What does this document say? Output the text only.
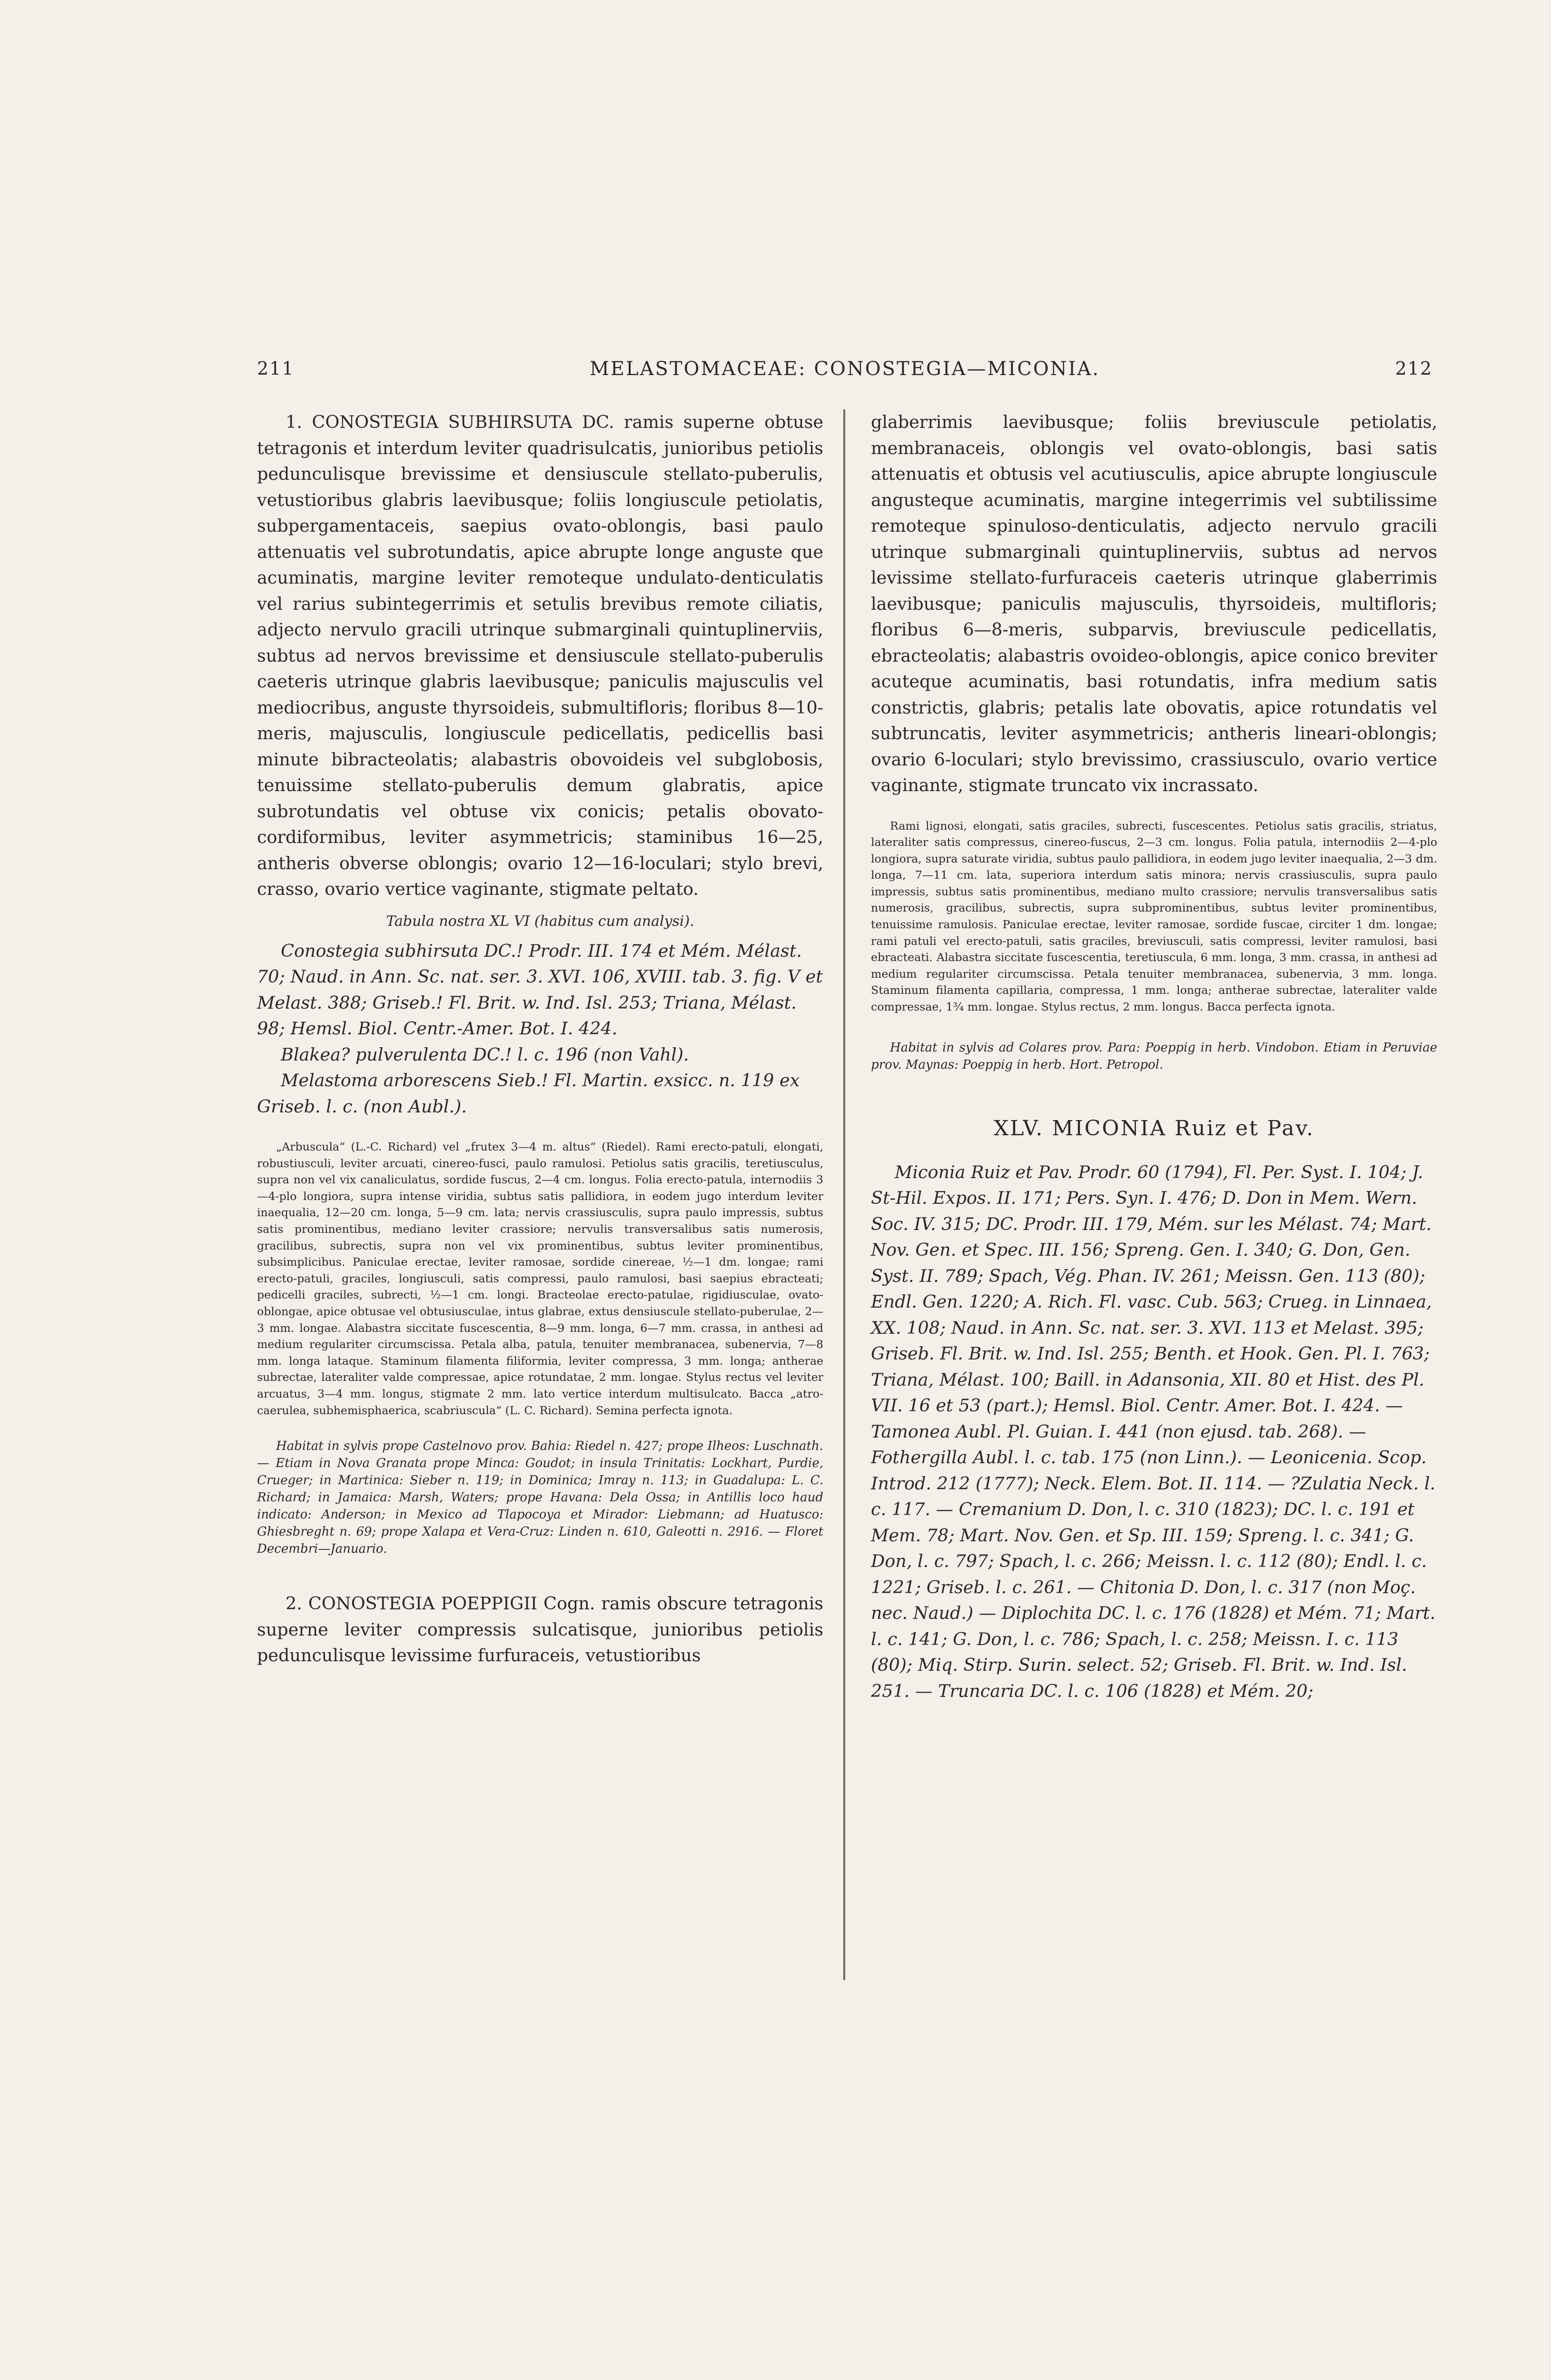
211	MELASTOMACEAE: CONOSTEGIA—MICONIA.	212

1. CONOSTEGIA SUBHIRSUTA DC. ramis superne obtuse tetragonis et interdum leviter quadrisulcatis, junioribus petiolis pedunculisque brevissime et densiuscule stellato-puberulis, vetustioribus glabris laevibusque; foliis longiuscule petiolatis, subpergamentaceis, saepius ovato-oblongis, basi paulo attenuatis vel subrotundatis, apice abrupte longe anguste que acuminatis, margine leviter remoteque undulato-denticulatis vel rarius subintegerrimis et setulis brevibus remote ciliatis, adjecto nervulo gracili utrinque submarginali quintuplinerviis, subtus ad nervos brevissime et densiuscule stellato-puberulis caeteris utrinque glabris laevibusque; paniculis majusculis vel mediocribus, anguste thyrsoideis, submultifloris; floribus 8—10-meris, majusculis, longiuscule pedicellatis, pedicellis basi minute bibracteolatis; alabastris obovoideis vel subglobosis, tenuissime stellato-puberulis demum glabratis, apice subrotundatis vel obtuse vix conicis; petalis obovato-cordiformibus, leviter asymmetricis; staminibus 16—25, antheris obverse oblongis; ovario 12—16-loculari; stylo brevi, crasso, ovario vertice vaginante, stigmate peltato.

Tabula nostra XL VI (habitus cum analysi).

Conostegia subhirsuta DC.! Prodr. III. 174 et Mém. Mélast. 70; Naud. in Ann. Sc. nat. ser. 3. XVI. 106, XVIII. tab. 3. fig. V et Melast. 388; Griseb.! Fl. Brit. w. Ind. Isl. 253; Triana, Mélast. 98; Hemsl. Biol. Centr.-Amer. Bot. I. 424.

Blakea? pulverulenta DC.! l. c. 196 (non Vahl).

Melastoma arborescens Sieb.! Fl. Martin. exsicc. n. 119 ex Griseb. l. c. (non Aubl.).

„Arbuscula“ (L.-C. Richard) vel „frutex 3—4 m. altus“ (Riedel). Rami erecto-patuli, elongati, robustiusculi, leviter arcuati, cinereo-fusci, paulo ramulosi. Petiolus satis gracilis, teretiusculus, supra non vel vix canaliculatus, sordide fuscus, 2—4 cm. longus. Folia erecto-patula, internodiis 3—4-plo longiora, supra intense viridia, subtus satis pallidiora, in eodem jugo interdum leviter inaequalia, 12—20 cm. longa, 5—9 cm. lata; nervis crassiusculis, supra paulo impressis, subtus satis prominentibus, mediano leviter crassiore; nervulis transversalibus satis numerosis, gracilibus, subrectis, supra non vel vix prominentibus, subtus leviter prominentibus, subsimplicibus. Paniculae erectae, leviter ramosae, sordide cinereae, ½—1 dm. longae; rami erecto-patuli, graciles, longiusculi, satis compressi, paulo ramulosi, basi saepius ebracteati; pedicelli graciles, subrecti, ½—1 cm. longi. Bracteolae erecto-patulae, rigidiusculae, ovato-oblongae, apice obtusae vel obtusiusculae, intus glabrae, extus densiuscule stellato-puberulae, 2—3 mm. longae. Alabastra siccitate fuscescentia, 8—9 mm. longa, 6—7 mm. crassa, in anthesi ad medium regulariter circumscissa. Petala alba, patula, tenuiter membranacea, subenervia, 7—8 mm. longa lataque. Staminum filamenta filiformia, leviter compressa, 3 mm. longa; antherae subrectae, lateraliter valde compressae, apice rotundatae, 2 mm. longae. Stylus rectus vel leviter arcuatus, 3—4 mm. longus, stigmate 2 mm. lato vertice interdum multisulcato. Bacca „atro-caerulea, subhemisphaerica, scabriuscula“ (L. C. Richard). Semina perfecta ignota.

Habitat in sylvis prope Castelnovo prov. Bahia: Riedel n. 427; prope Ilheos: Luschnath. — Etiam in Nova Granata prope Minca: Goudot; in insula Trinitatis: Lockhart, Purdie, Crueger; in Martinica: Sieber n. 119; in Dominica; Imray n. 113; in Guadalupa: L. C. Richard; in Jamaica: Marsh, Waters; prope Havana: Dela Ossa; in Antillis loco haud indicato: Anderson; in Mexico ad Tlapocoya et Mirador: Liebmann; ad Huatusco: Ghiesbreght n. 69; prope Xalapa et Vera-Cruz: Linden n. 610, Galeotti n. 2916. — Floret Decembri—Januario.

2. CONOSTEGIA POEPPIGII Cogn. ramis obscure tetragonis superne leviter compressis sulcatisque, junioribus petiolis pedunculisque levissime furfuraceis, vetustioribus

glaberrimis laevibusque; foliis breviuscule petiolatis, membranaceis, oblongis vel ovato-oblongis, basi satis attenuatis et obtusis vel acutiusculis, apice abrupte longiuscule angusteque acuminatis, margine integerrimis vel subtilissime remoteque spinuloso-denticulatis, adjecto nervulo gracili utrinque submarginali quintuplinerviis, subtus ad nervos levissime stellato-furfuraceis caeteris utrinque glaberrimis laevibusque; paniculis majusculis, thyrsoideis, multifloris; floribus 6—8-meris, subparvis, breviuscule pedicellatis, ebracteolatis; alabastris ovoideo-oblongis, apice conico breviter acuteque acuminatis, basi rotundatis, infra medium satis constrictis, glabris; petalis late obovatis, apice rotundatis vel subtruncatis, leviter asymmetricis; antheris lineari-oblongis; ovario 6-loculari; stylo brevissimo, crassiusculo, ovario vertice vaginante, stigmate truncato vix incrassato.

Rami lignosi, elongati, satis graciles, subrecti, fuscescentes. Petiolus satis gracilis, striatus, lateraliter satis compressus, cinereo-fuscus, 2—3 cm. longus. Folia patula, internodiis 2—4-plo longiora, supra saturate viridia, subtus paulo pallidiora, in eodem jugo leviter inaequalia, 2—3 dm. longa, 7—11 cm. lata, superiora interdum satis minora; nervis crassiusculis, supra paulo impressis, subtus satis prominentibus, mediano multo crassiore; nervulis transversalibus satis numerosis, gracilibus, subrectis, supra subprominentibus, subtus leviter prominentibus, tenuissime ramulosis. Paniculae erectae, leviter ramosae, sordide fuscae, circiter 1 dm. longae; rami patuli vel erecto-patuli, satis graciles, breviusculi, satis compressi, leviter ramulosi, basi ebracteati. Alabastra siccitate fuscescentia, teretiuscula, 6 mm. longa, 3 mm. crassa, in anthesi ad medium regulariter circumscissa. Petala tenuiter membranacea, subenervia, 3 mm. longa. Staminum filamenta capillaria, compressa, 1 mm. longa; antherae subrectae, lateraliter valde compressae, 1¾ mm. longae. Stylus rectus, 2 mm. longus. Bacca perfecta ignota.

Habitat in sylvis ad Colares prov. Para: Poeppig in herb. Vindobon. Etiam in Peruviae prov. Maynas: Poeppig in herb. Hort. Petropol.

XLV. MICONIA Ruiz et Pav.

Miconia Ruiz et Pav. Prodr. 60 (1794), Fl. Per. Syst. I. 104; J. St-Hil. Expos. II. 171; Pers. Syn. I. 476; D. Don in Mem. Wern. Soc. IV. 315; DC. Prodr. III. 179, Mém. sur les Mélast. 74; Mart. Nov. Gen. et Spec. III. 156; Spreng. Gen. I. 340; G. Don, Gen. Syst. II. 789; Spach, Vég. Phan. IV. 261; Meissn. Gen. 113 (80); Endl. Gen. 1220; A. Rich. Fl. vasc. Cub. 563; Crueg. in Linnaea, XX. 108; Naud. in Ann. Sc. nat. ser. 3. XVI. 113 et Melast. 395; Griseb. Fl. Brit. w. Ind. Isl. 255; Benth. et Hook. Gen. Pl. I. 763; Triana, Mélast. 100; Baill. in Adansonia, XII. 80 et Hist. des Pl. VII. 16 et 53 (part.); Hemsl. Biol. Centr. Amer. Bot. I. 424. — Tamonea Aubl. Pl. Guian. I. 441 (non ejusd. tab. 268). — Fothergilla Aubl. l. c. tab. 175 (non Linn.). — Leonicenia. Scop. Introd. 212 (1777); Neck. Elem. Bot. II. 114. — ?Zulatia Neck. l. c. 117. — Cremanium D. Don, l. c. 310 (1823); DC. l. c. 191 et Mem. 78; Mart. Nov. Gen. et Sp. III. 159; Spreng. l. c. 341; G. Don, l. c. 797; Spach, l. c. 266; Meissn. l. c. 112 (80); Endl. l. c. 1221; Griseb. l. c. 261. — Chitonia D. Don, l. c. 317 (non Moç. nec. Naud.) — Diplochita DC. l. c. 176 (1828) et Mém. 71; Mart. l. c. 141; G. Don, l. c. 786; Spach, l. c. 258; Meissn. I. c. 113 (80); Miq. Stirp. Surin. select. 52; Griseb. Fl. Brit. w. Ind. Isl. 251. — Truncaria DC. l. c. 106 (1828) et Mém. 20;
